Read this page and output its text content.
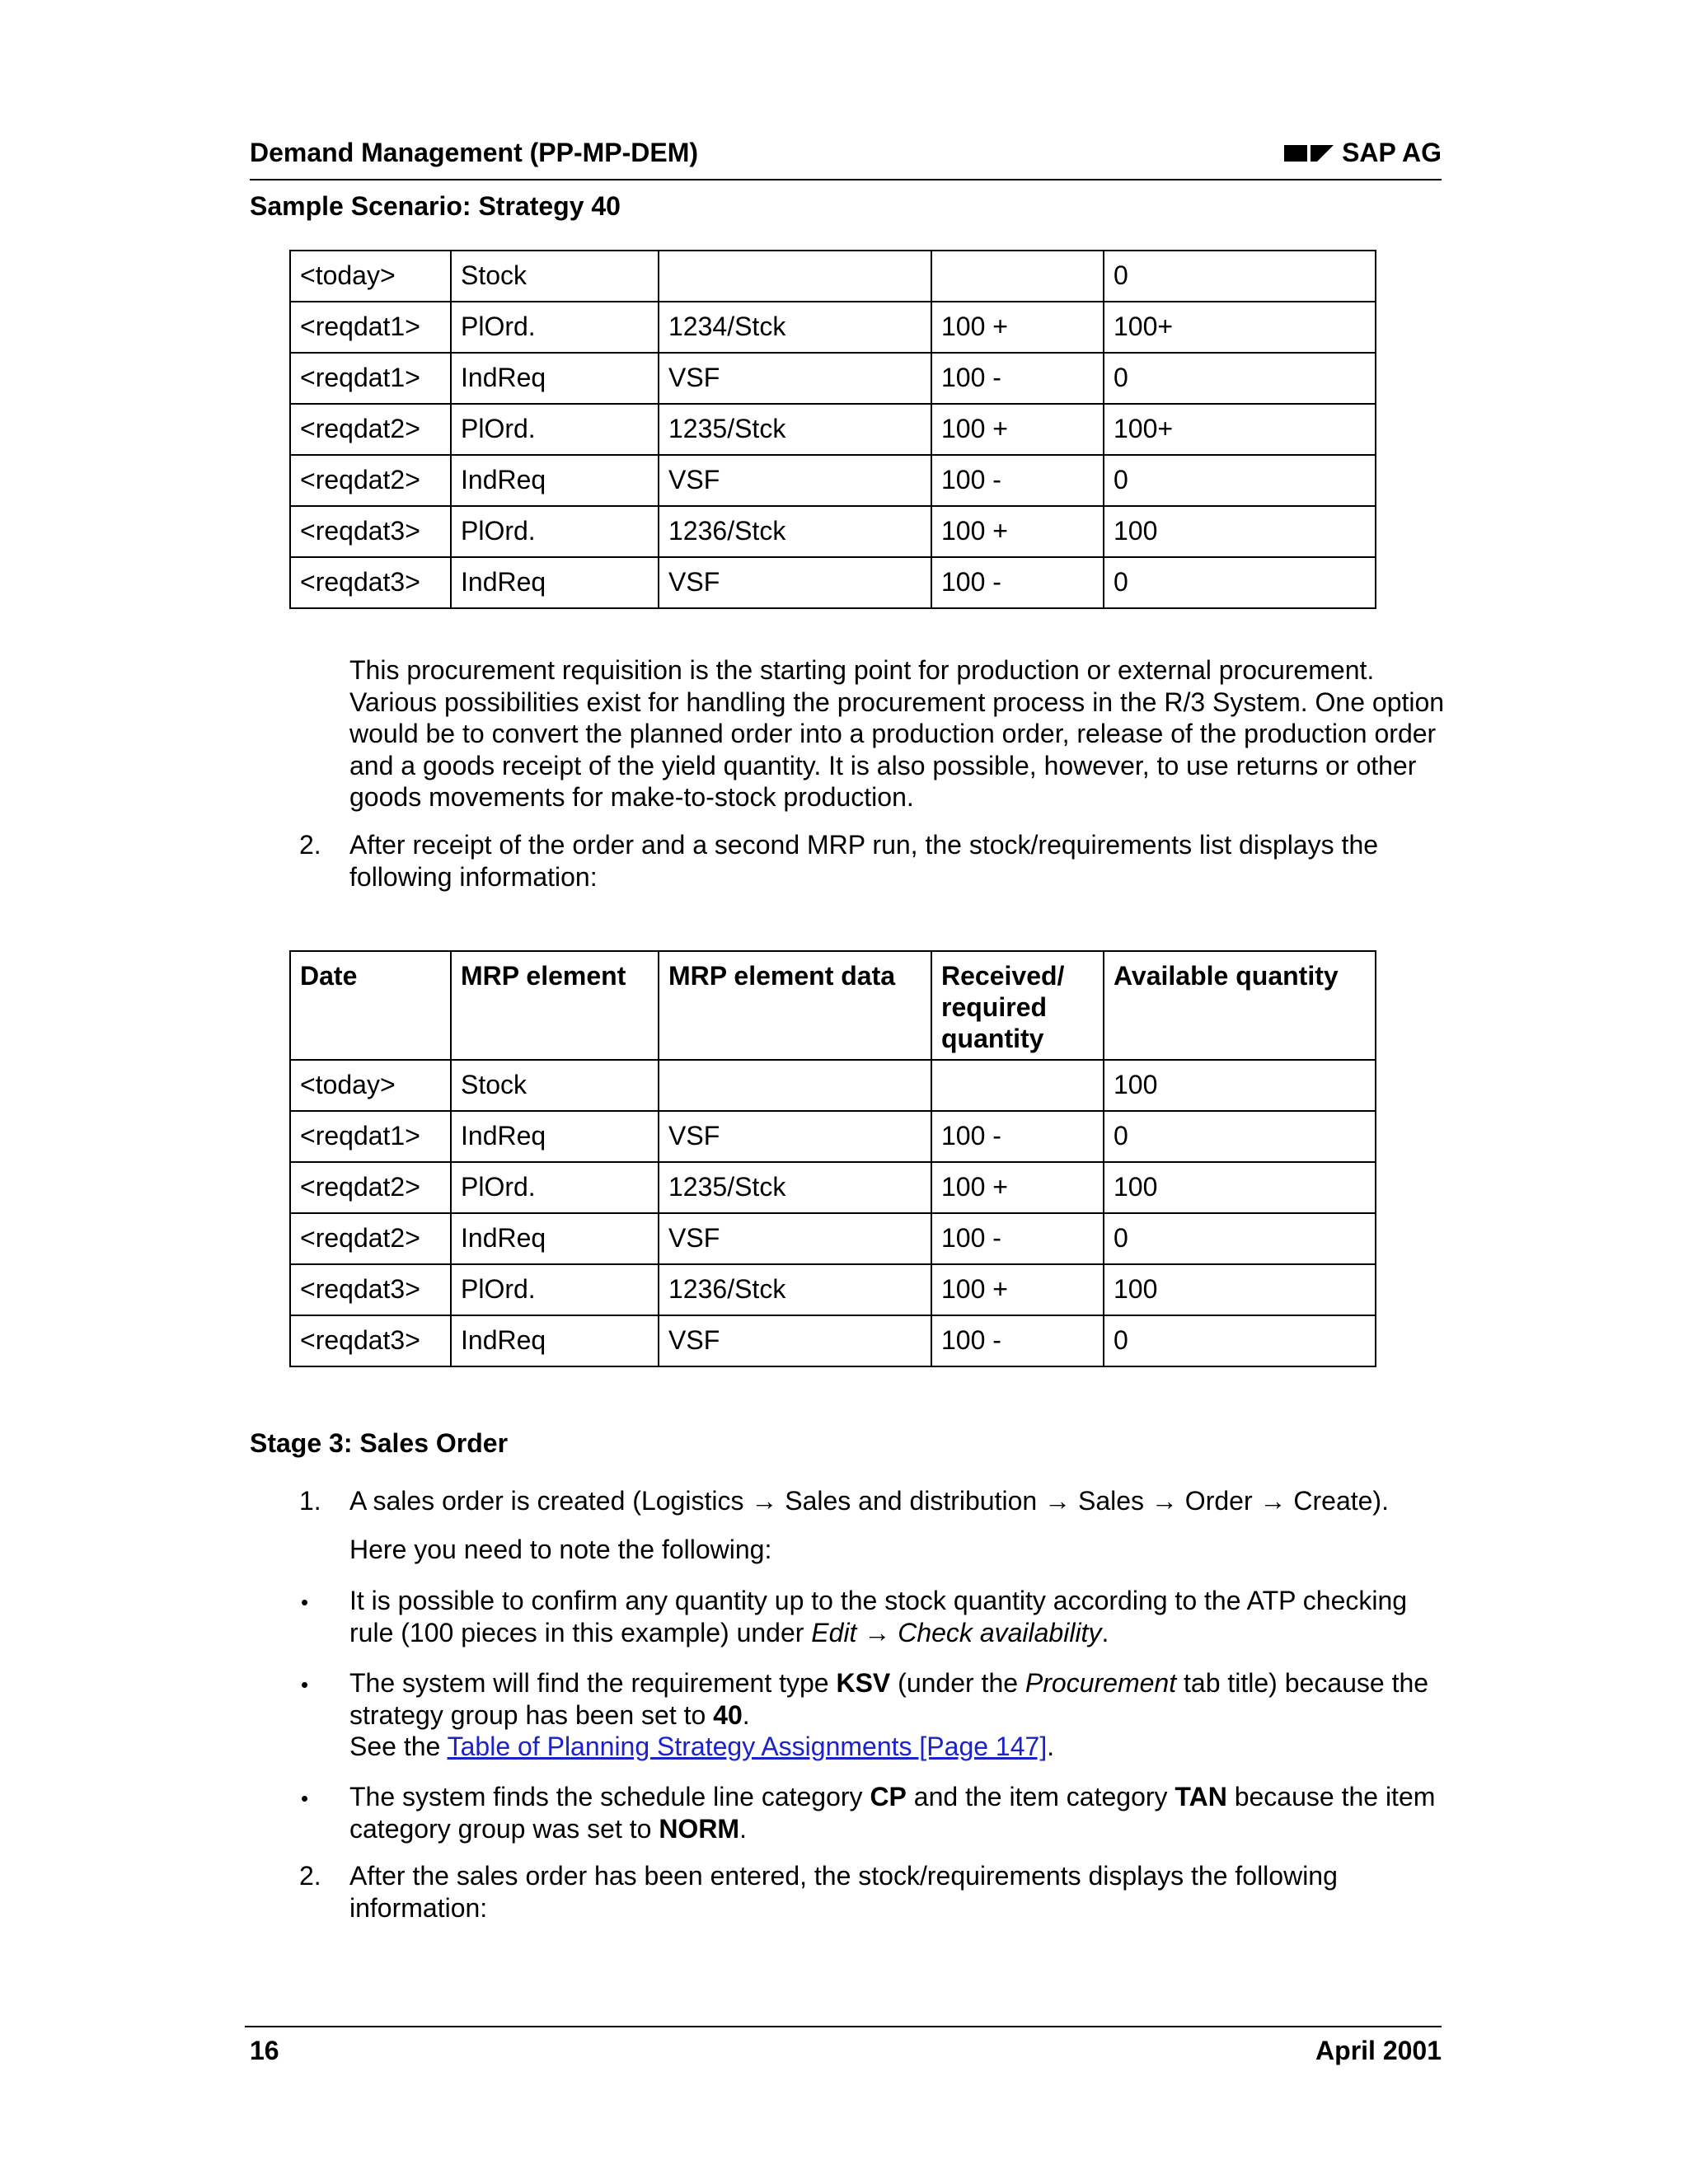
Demand Management (PP-MP-DEM)	SAP AG
Sample Scenario: Strategy 40
<today>	Stock			0
<reqdat1>	PlOrd.	1234/Stck	100 +	100+
<reqdat1>	IndReq	VSF	100 -	0
<reqdat2>	PlOrd.	1235/Stck	100 +	100+
<reqdat2>	IndReq	VSF	100 -	0
<reqdat3>	PlOrd.	1236/Stck	100 +	100
<reqdat3>	IndReq	VSF	100 -	0
This procurement requisition is the starting point for production or external procurement. Various possibilities exist for handling the procurement process in the R/3 System. One option would be to convert the planned order into a production order, release of the production order and a goods receipt of the yield quantity. It is also possible, however, to use returns or other goods movements for make-to-stock production.
2. After receipt of the order and a second MRP run, the stock/requirements list displays the following information:
Date	MRP element	MRP element data	Received/ required quantity	Available quantity
<today>	Stock			100
<reqdat1>	IndReq	VSF	100 -	0
<reqdat2>	PlOrd.	1235/Stck	100 +	100
<reqdat2>	IndReq	VSF	100 -	0
<reqdat3>	PlOrd.	1236/Stck	100 +	100
<reqdat3>	IndReq	VSF	100 -	0
Stage 3: Sales Order
1. A sales order is created (Logistics → Sales and distribution → Sales → Order → Create).
Here you need to note the following:
• It is possible to confirm any quantity up to the stock quantity according to the ATP checking rule (100 pieces in this example) under Edit → Check availability.
• The system will find the requirement type KSV (under the Procurement tab title) because the strategy group has been set to 40.
See the Table of Planning Strategy Assignments [Page 147].
• The system finds the schedule line category CP and the item category TAN because the item category group was set to NORM.
2. After the sales order has been entered, the stock/requirements displays the following information:
16	April 2001
